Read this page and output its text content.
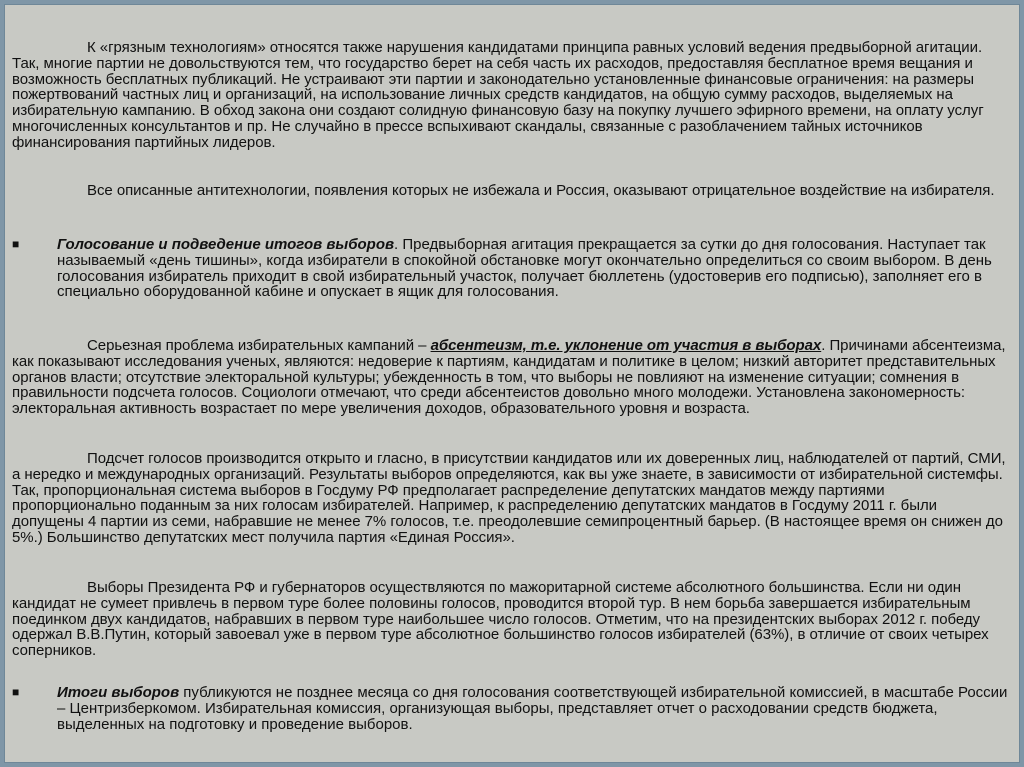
К «грязным технологиям» относятся также нарушения кандидатами принципа равных условий ведения предвыборной агитации. Так, многие партии не довольствуются тем, что государство берет на себя часть их расходов, предоставляя бесплатное время вещания и возможность бесплатных публикаций. Не устраивают эти партии и законодательно установленные финансовые ограничения: на размеры пожертвований частных лиц и организаций, на использование личных средств кандидатов, на общую сумму расходов, выделяемых на избирательную кампанию. В обход закона они создают солидную финансовую базу на покупку лучшего эфирного времени, на оплату услуг многочисленных консультантов и пр. Не случайно в прессе вспыхивают скандалы, связанные с разоблачением тайных источников финансирования партийных лидеров.

Все описанные антитехнологии, появления которых не избежала и Россия, оказывают отрицательное воздействие на избирателя.

■	Голосование и подведение итогов выборов. Предвыборная агитация прекращается за сутки до дня голосования. Наступает так называемый «день тишины», когда избиратели в спокойной обстановке могут окончательно определиться со своим выбором. В день голосования избиратель приходит в свой избирательный участок, получает бюллетень (удостоверив его подписью), заполняет его в специально оборудованной кабине и опускает в ящик для голосования.

Серьезная проблема избирательных кампаний – абсентеизм, т.е. уклонение от участия в выборах. Причинами абсентеизма, как показывают исследования ученых, являются: недоверие к партиям, кандидатам и политике в целом; низкий авторитет представительных органов власти; отсутствие электоральной культуры; убежденность в том, что выборы не повлияют на изменение ситуации; сомнения в правильности подсчета голосов. Социологи отмечают, что среди абсентеистов довольно много молодежи. Установлена закономерность: электоральная активность возрастает по мере увеличения доходов, образовательного уровня и возраста.

Подсчет голосов производится открыто и гласно, в присутствии кандидатов или их доверенных лиц, наблюдателей от партий, СМИ, а нередко и международных организаций. Результаты выборов определяются, как вы уже знаете, в зависимости от избирательной системфы. Так, пропорциональная система выборов в Госдуму РФ предполагает распределение депутатских мандатов между партиями пропорционально поданным за них голосам избирателей. Например, к распределению депутатских мандатов в Госдуму 2011 г. были допущены 4 партии из семи, набравшие не менее 7% голосов, т.е. преодолевшие семипроцентный барьер. (В настоящее время он снижен до 5%.) Большинство депутатских мест получила партия «Единая Россия».

Выборы Президента РФ и губернаторов осуществляются по мажоритарной системе абсолютного большинства. Если ни один кандидат не сумеет привлечь в первом туре более половины голосов, проводится второй тур. В нем борьба завершается избирательным поединком двух кандидатов, набравших в первом туре наибольшее число голосов. Отметим, что на президентских выборах 2012 г. победу одержал В.В.Путин, который завоевал уже в первом туре абсолютное большинство голосов избирателей (63%), в отличие от своих четырех соперников.

■	Итоги выборов публикуются не позднее месяца со дня голосования соответствующей избирательной комиссией, в масштабе России – Центризберкомом. Избирательная комиссия, организующая выборы, представляет отчет о расходовании средств бюджета, выделенных на подготовку и проведение выборов.
